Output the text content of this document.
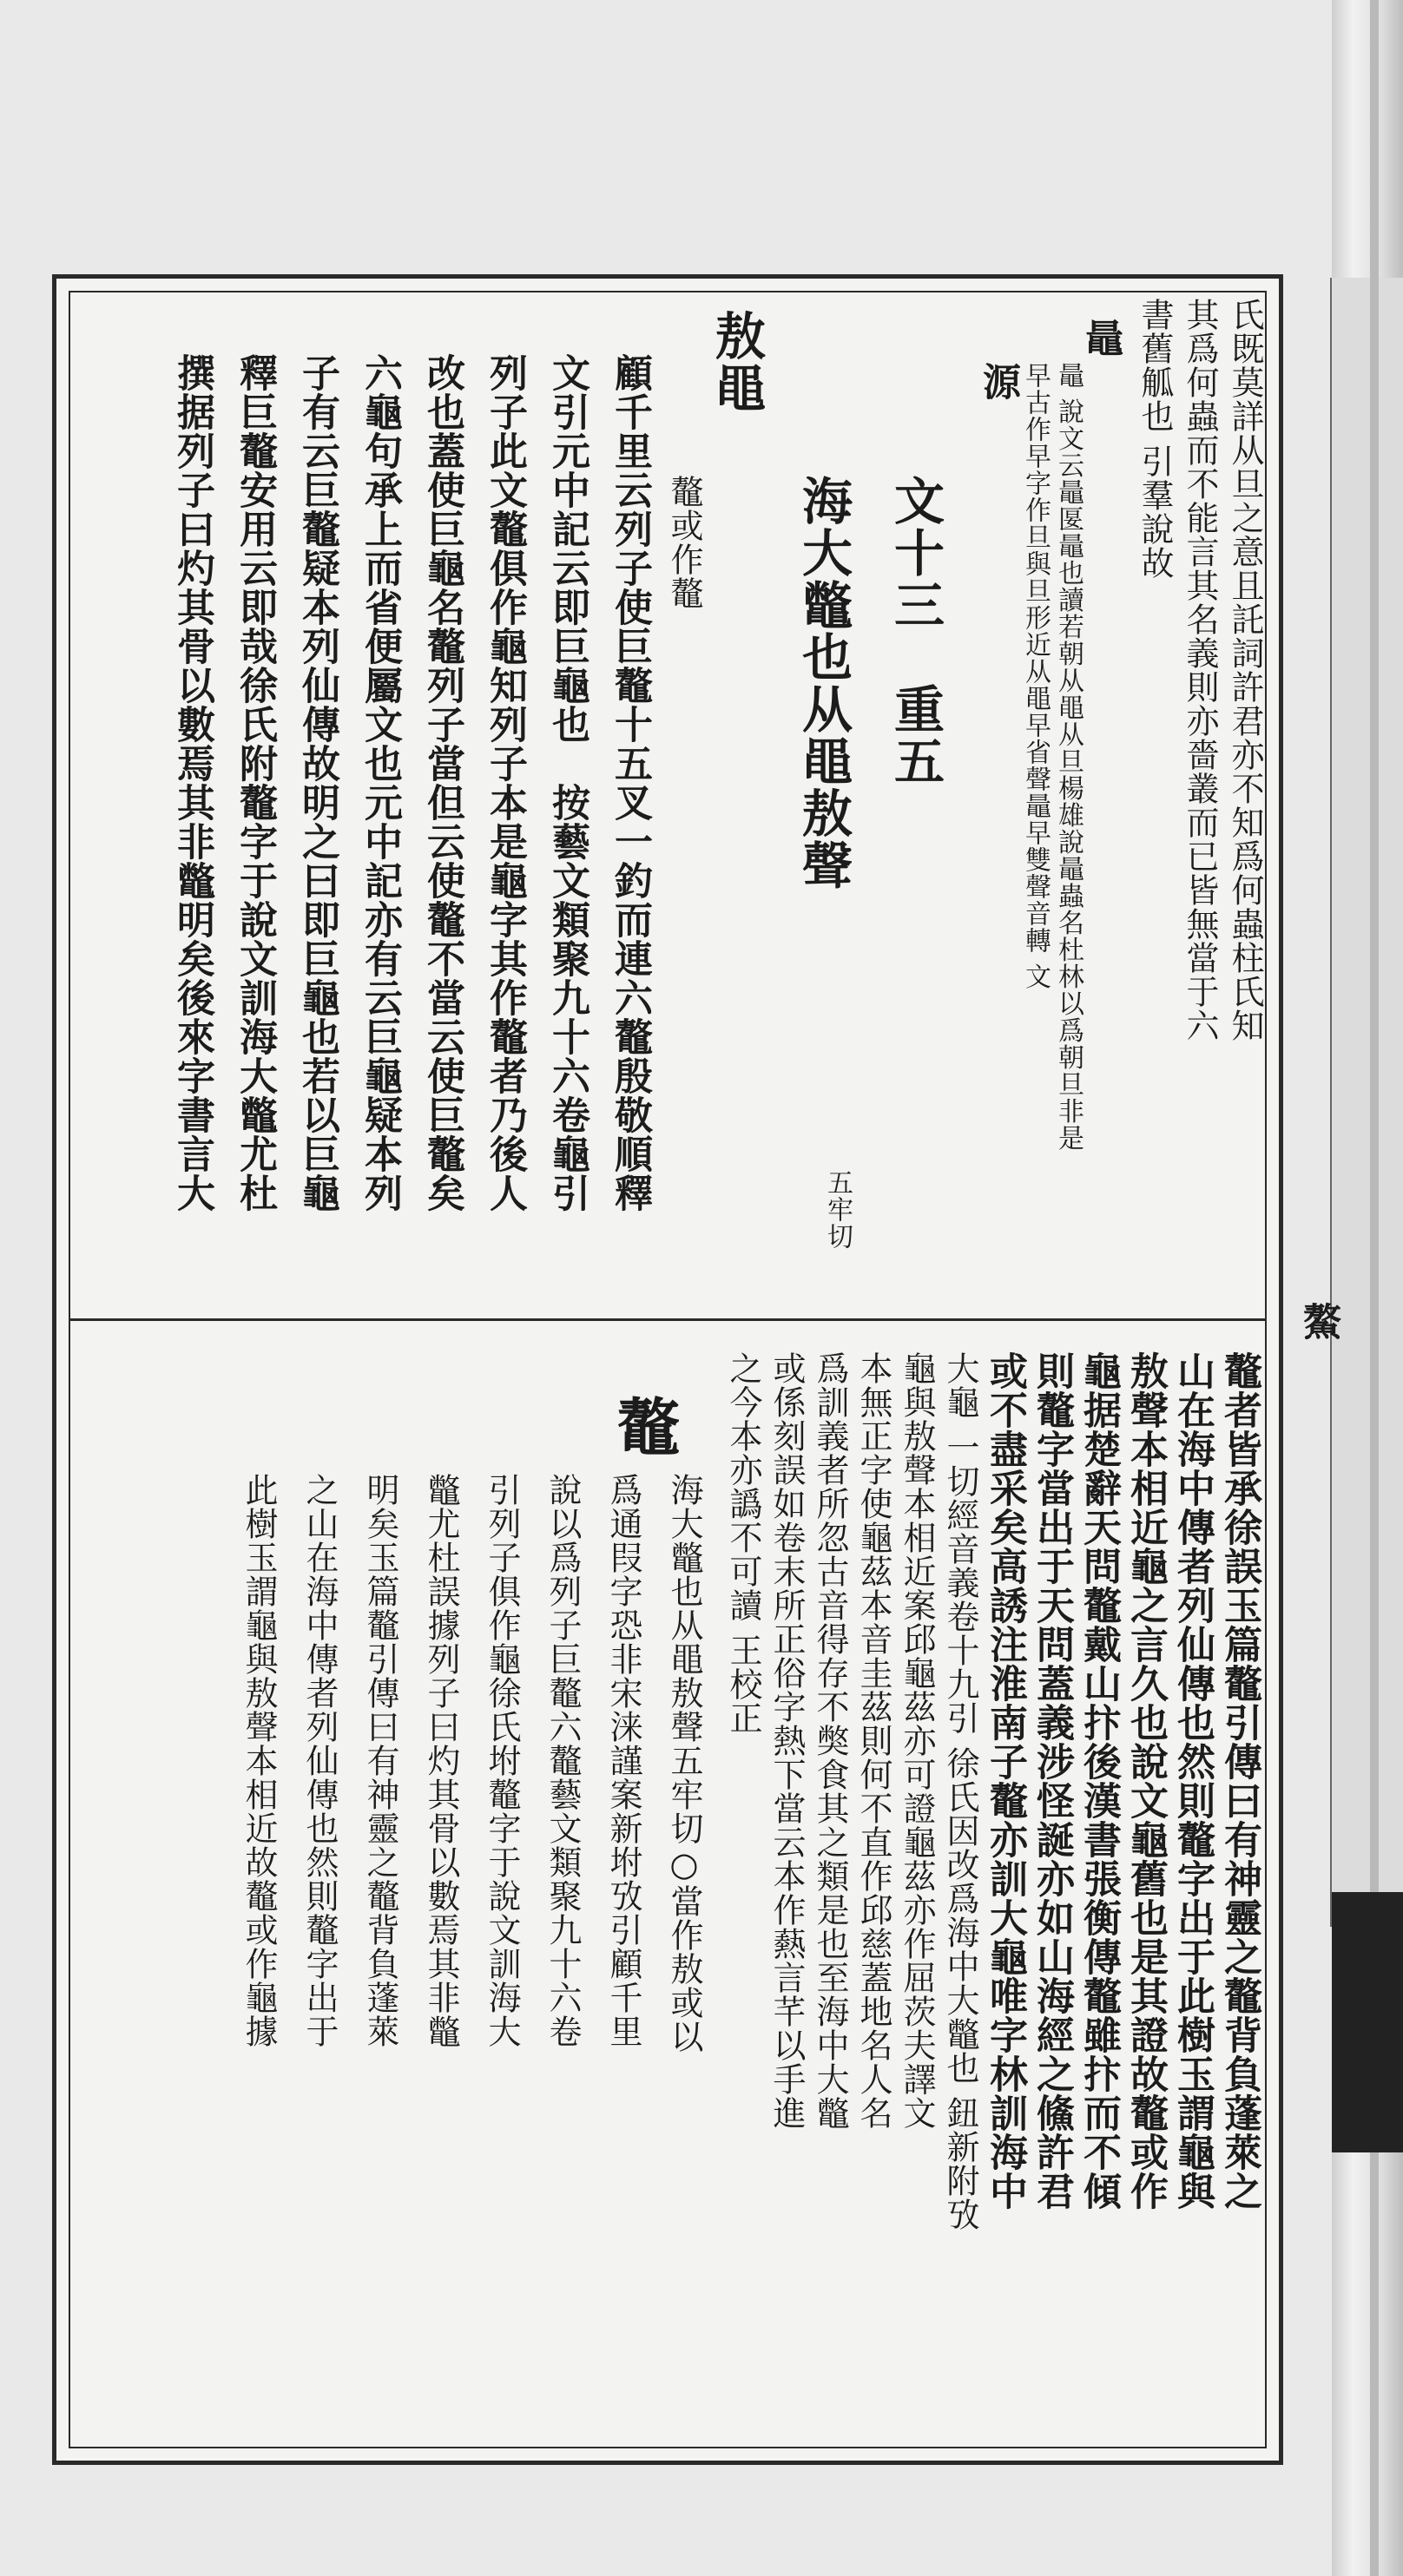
鰲
氏既莫詳从旦之意且託詞許君亦不知爲何蟲柱氏知
其爲何蟲而不能言其名義則亦嗇叢而已皆無當于六
書舊觚也 引羣說故
鼂
鼂 說文云鼂匽鼂也讀若朝从黽从旦楊雄說鼂蟲名杜林以爲朝旦非是
早古作早字作旦與旦形近从黽早省聲鼂早雙聲音轉 文
源
文十三　重五
海大鼈也从黽敖聲
五牢切
敖黽
鼇或作鼇
顧千里云列子使巨鼇十五叉一釣而連六鼇殷敬順釋
文引元中記云即巨龜也　按藝文類聚九十六卷龜引
列子此文鼇俱作龜知列子本是龜字其作鼇者乃後人
改也蓋使巨龜名鼇列子當但云使鼇不當云使巨鼇矣
六龜句承上而省便屬文也元中記亦有云巨龜疑本列
子有云巨鼇疑本列仙傳故明之曰即巨龜也若以巨龜
釋巨鼇安用云即哉徐氏附鼇字于說文訓海大鼈尤杜
撰据列子曰灼其骨以數焉其非鼈明矣後來字書言大
鼇者皆承徐誤玉篇鼇引傳曰有神靈之鼇背負蓬萊之
山在海中傳者列仙傳也然則鼇字出于此樹玉謂龜與
敖聲本相近龜之言久也說文龜舊也是其證故鼇或作
龜据楚辭天問鼇戴山抃後漢書張衡傳鼇雖抃而不傾
則鼇字當出于天問蓋義涉怪誕亦如山海經之鯈許君
或不盡采矣高誘注淮南子鼇亦訓大龜唯字林訓海中
大龜 一切經音義卷十九引 徐氏因改爲海中大鼈也 鈕新附攷
龜與敖聲本相近案邱龜茲亦可證龜茲亦作屈茨夫譯文
本無正字使龜茲本音圭茲則何不直作邱慈蓋地名人名
爲訓義者所忽古音得存不獘食其之類是也至海中大鼈
或係刻誤如卷末所正俗字熱下當云本作爇言芊以手進
之今本亦譌不可讀 王校正
鼇
海大鼈也从黽敖聲五牢切○當作敖或以
爲通叚字恐非宋涞謹案新坿攷引顧千里
說以爲列子巨鼇六鼇藝文類聚九十六卷
引列子俱作龜徐氏坿鼇字于說文訓海大
鼈尤杜誤據列子曰灼其骨以數焉其非鼈
明矣玉篇鼇引傳曰有神靈之鼇背負蓬萊
之山在海中傳者列仙傳也然則鼇字出于
此樹玉謂龜與敖聲本相近故鼇或作龜據
